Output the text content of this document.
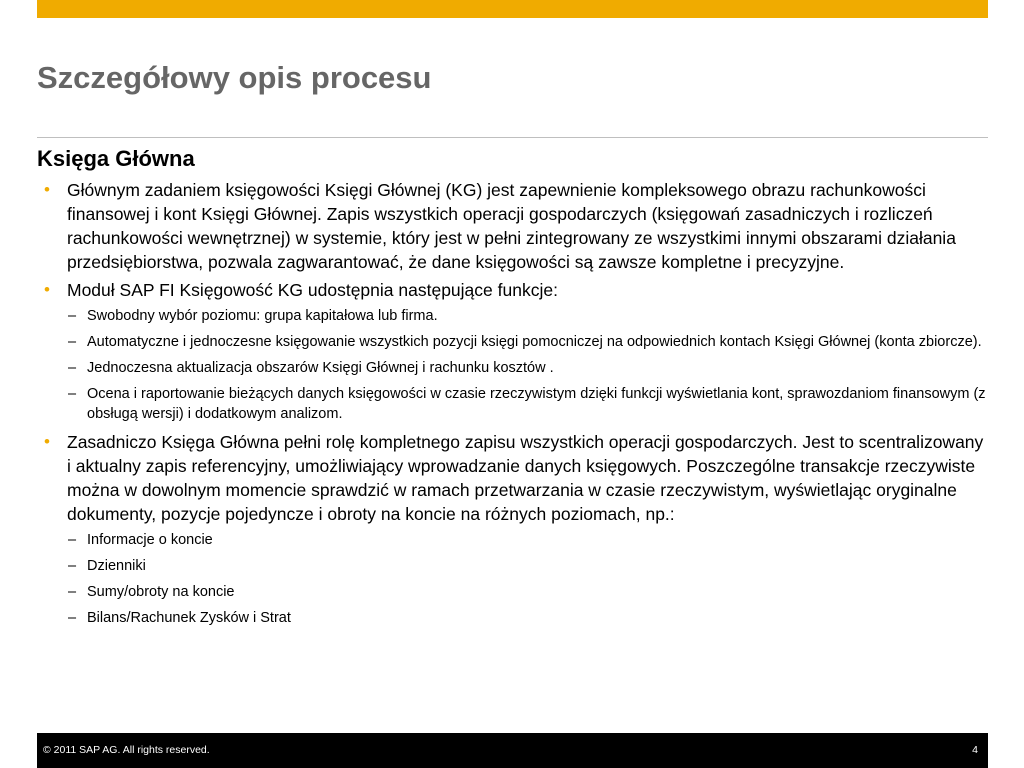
Szczegółowy opis procesu
Księga Główna
• Głównym zadaniem księgowości Księgi Głównej (KG) jest zapewnienie kompleksowego obrazu rachunkowości finansowej i kont Księgi Głównej. Zapis wszystkich operacji gospodarczych (księgowań zasadniczych i rozliczeń rachunkowości wewnętrznej) w systemie, który jest w pełni zintegrowany ze wszystkimi innymi obszarami działania przedsiębiorstwa, pozwala zagwarantować, że dane księgowości są zawsze kompletne i precyzyjne.
• Moduł SAP FI Księgowość KG udostępnia następujące funkcje:
– Swobodny wybór poziomu: grupa kapitałowa lub firma.
– Automatyczne i jednoczesne księgowanie wszystkich pozycji księgi pomocniczej na odpowiednich kontach Księgi Głównej (konta zbiorcze).
– Jednoczesna aktualizacja obszarów Księgi Głównej i rachunku kosztów .
– Ocena i raportowanie bieżących danych księgowości w czasie rzeczywistym dzięki funkcji wyświetlania kont, sprawozdaniom finansowym (z obsługą wersji) i dodatkowym analizom.
• Zasadniczo Księga Główna pełni rolę kompletnego zapisu wszystkich operacji gospodarczych. Jest to scentralizowany i aktualny zapis referencyjny, umożliwiający wprowadzanie danych księgowych. Poszczególne transakcje rzeczywiste można w dowolnym momencie sprawdzić w ramach przetwarzania w czasie rzeczywistym, wyświetlając oryginalne dokumenty, pozycje pojedyncze i obroty na koncie na różnych poziomach, np.:
– Informacje o koncie
– Dzienniki
– Sumy/obroty na koncie
– Bilans/Rachunek Zysków i Strat
© 2011 SAP AG. All rights reserved.	4
